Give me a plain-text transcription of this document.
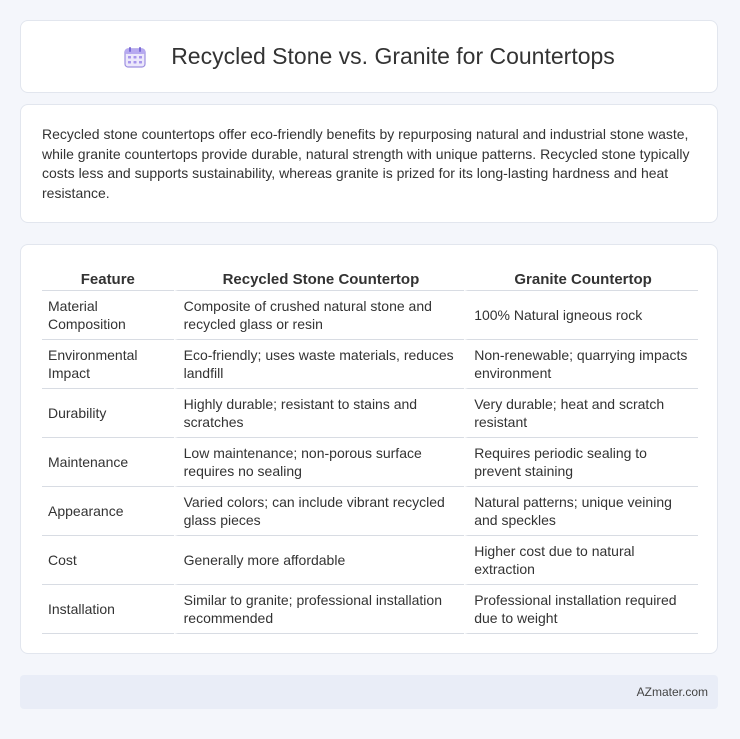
Recycled Stone vs. Granite for Countertops

Recycled stone countertops offer eco-friendly benefits by repurposing natural and industrial stone waste, while granite countertops provide durable, natural strength with unique patterns. Recycled stone typically costs less and supports sustainability, whereas granite is prized for its long-lasting hardness and heat resistance.

Feature	Recycled Stone Countertop	Granite Countertop
Material Composition	Composite of crushed natural stone and recycled glass or resin	100% Natural igneous rock
Environmental Impact	Eco-friendly; uses waste materials, reduces landfill	Non-renewable; quarrying impacts environment
Durability	Highly durable; resistant to stains and scratches	Very durable; heat and scratch resistant
Maintenance	Low maintenance; non-porous surface requires no sealing	Requires periodic sealing to prevent staining
Appearance	Varied colors; can include vibrant recycled glass pieces	Natural patterns; unique veining and speckles
Cost	Generally more affordable	Higher cost due to natural extraction
Installation	Similar to granite; professional installation recommended	Professional installation required due to weight
AZmater.com
